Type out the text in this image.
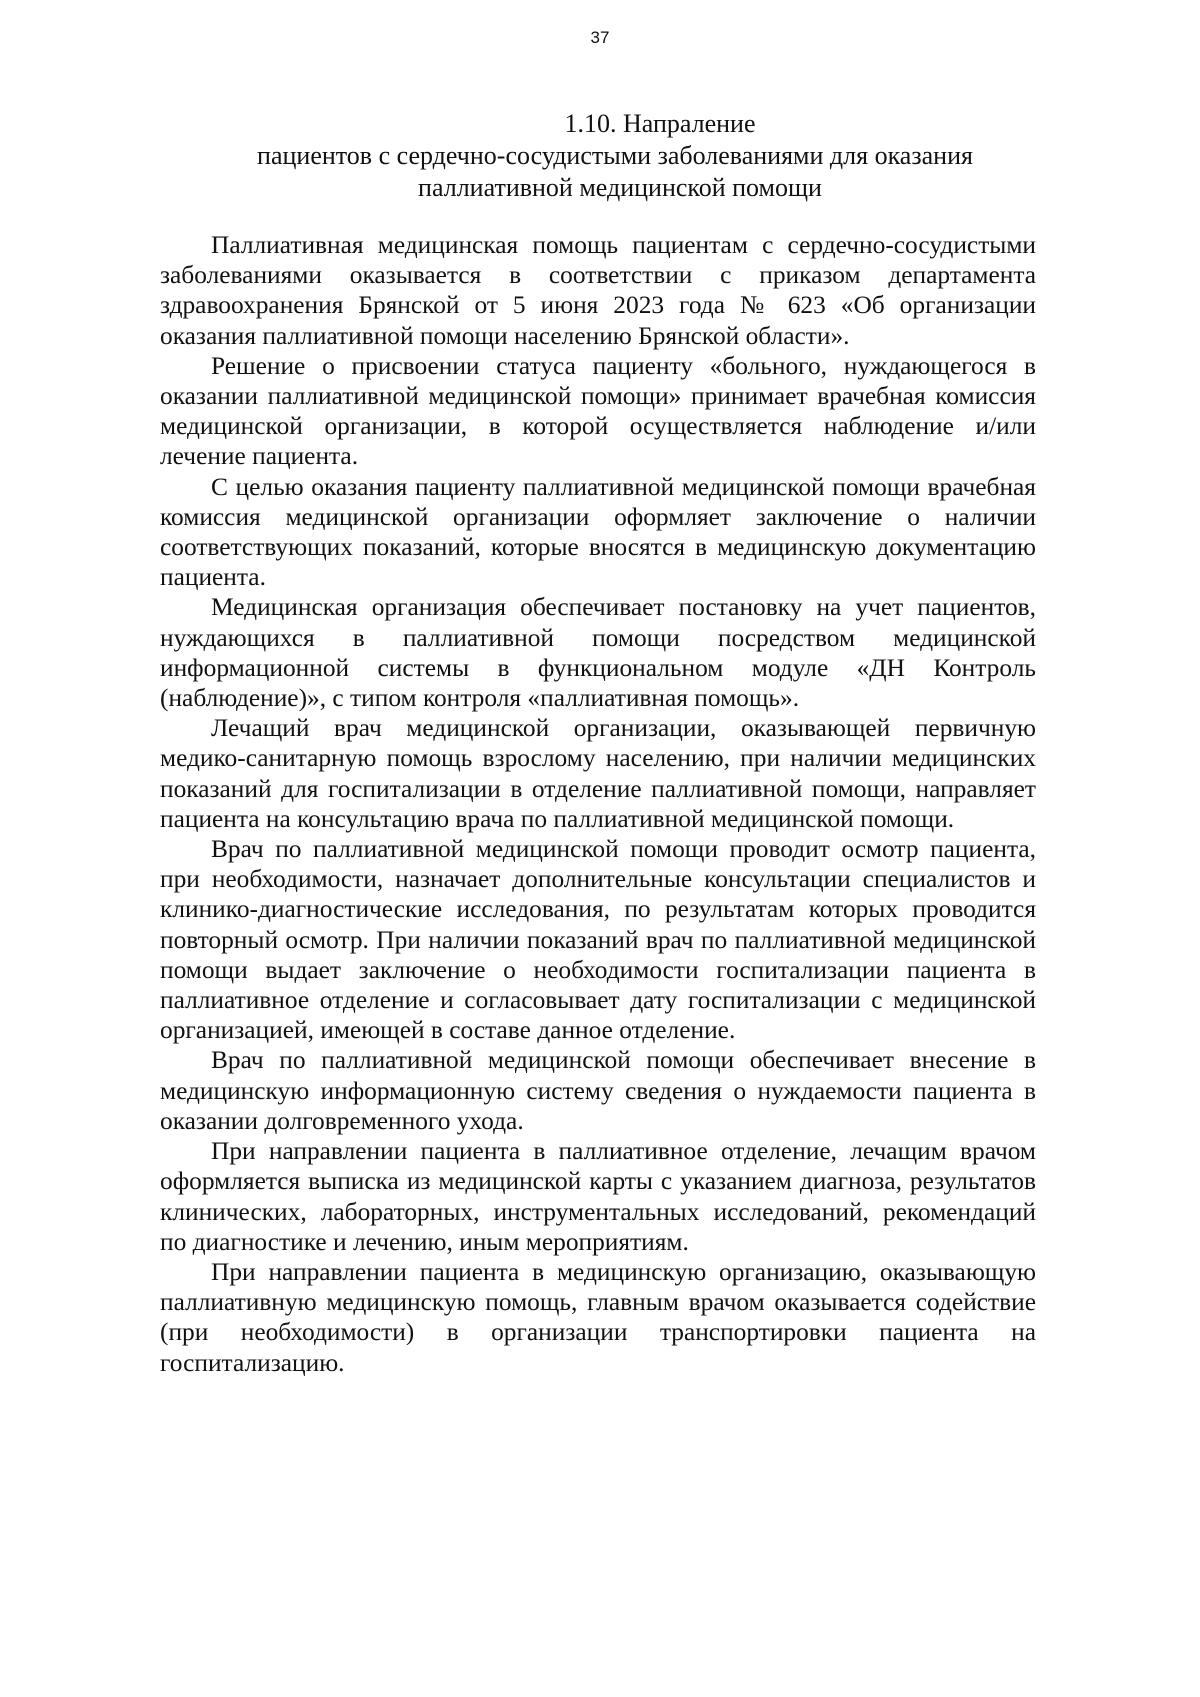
37
1.10. Напраление
пациентов с сердечно-сосудистыми заболеваниями для оказания
паллиативной медицинской помощи

Паллиативная медицинская помощь пациентам с сердечно-сосудистыми заболеваниями оказывается в соответствии с приказом департамента здравоохранения Брянской от 5 июня 2023 года № 623 «Об организации оказания паллиативной помощи населению Брянской области».

Решение о присвоении статуса пациенту «больного, нуждающегося в оказании паллиативной медицинской помощи» принимает врачебная комиссия медицинской организации, в которой осуществляется наблюдение и/или лечение пациента.

С целью оказания пациенту паллиативной медицинской помощи врачебная комиссия медицинской организации оформляет заключение о наличии соответствующих показаний, которые вносятся в медицинскую документацию пациента.

Медицинская организация обеспечивает постановку на учет пациентов, нуждающихся в паллиативной помощи посредством медицинской информационной системы в функциональном модуле «ДН Контроль (наблюдение)», с типом контроля «паллиативная помощь».

Лечащий врач медицинской организации, оказывающей первичную медико-санитарную помощь взрослому населению, при наличии медицинских показаний для госпитализации в отделение паллиативной помощи, направляет пациента на консультацию врача по паллиативной медицинской помощи.

Врач по паллиативной медицинской помощи проводит осмотр пациента, при необходимости, назначает дополнительные консультации специалистов и клинико-диагностические исследования, по результатам которых проводится повторный осмотр. При наличии показаний врач по паллиативной медицинской помощи выдает заключение о необходимости госпитализации пациента в паллиативное отделение и согласовывает дату госпитализации с медицинской организацией, имеющей в составе данное отделение.

Врач по паллиативной медицинской помощи обеспечивает внесение в медицинскую информационную систему сведения о нуждаемости пациента в оказании долговременного ухода.

При направлении пациента в паллиативное отделение, лечащим врачом оформляется выписка из медицинской карты с указанием диагноза, результатов клинических, лабораторных, инструментальных исследований, рекомендаций по диагностике и лечению, иным мероприятиям.

При направлении пациента в медицинскую организацию, оказывающую паллиативную медицинскую помощь, главным врачом оказывается содействие (при необходимости) в организации транспортировки пациента на госпитализацию.
